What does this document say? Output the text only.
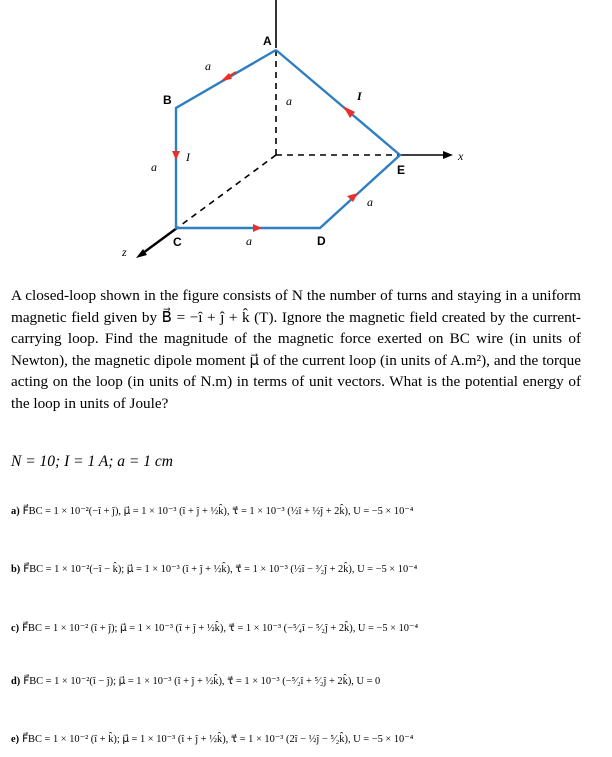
A
B
C	D
E
x
z
a
a
a
a
a
I
I
A closed-loop shown in the figure consists of N the number of turns and staying in a uniform magnetic field given by B⃗ = −î + ĵ + k̂ (T). Ignore the magnetic field created by the current- carrying loop. Find the magnitude of the magnetic force exerted on BC wire (in units of Newton), the magnetic dipole moment μ⃗ of the current loop (in units of A.m²), and the torque acting on the loop (in units of N.m) in terms of unit vectors. What is the potential energy of the loop in units of Joule?
N = 10; I = 1 A; a = 1 cm
a) F⃗BC = 1 × 10⁻²(−î + ĵ), μ⃗ = 1 × 10⁻³ (î + ĵ + ½k̂), τ⃗ = 1 × 10⁻³ (½î + ½ĵ + 2k̂), U = −5 × 10⁻⁴
b) F⃗BC = 1 × 10⁻²(−î − k̂); μ⃗ = 1 × 10⁻³ (î + ĵ + ½k̂), τ⃗ = 1 × 10⁻³ (½î − ³⁄₂ĵ + 2k̂), U = −5 × 10⁻⁴
c) F⃗BC = 1 × 10⁻² (î + ĵ); μ⃗ = 1 × 10⁻³ (î + ĵ + ½k̂), τ⃗ = 1 × 10⁻³ (−⁵⁄₄î − ⁵⁄₂ĵ + 2k̂), U = −5 × 10⁻⁴
d) F⃗BC = 1 × 10⁻²(î − ĵ); μ⃗ = 1 × 10⁻³ (î + ĵ + ½k̂), τ⃗ = 1 × 10⁻³ (−⁵⁄₂î + ⁵⁄₂ĵ + 2k̂), U = 0
e) F⃗BC = 1 × 10⁻² (î + k̂); μ⃗ = 1 × 10⁻³ (î + ĵ + ½k̂), τ⃗ = 1 × 10⁻³ (2î − ½ĵ − ⁵⁄₂k̂), U = −5 × 10⁻⁴
